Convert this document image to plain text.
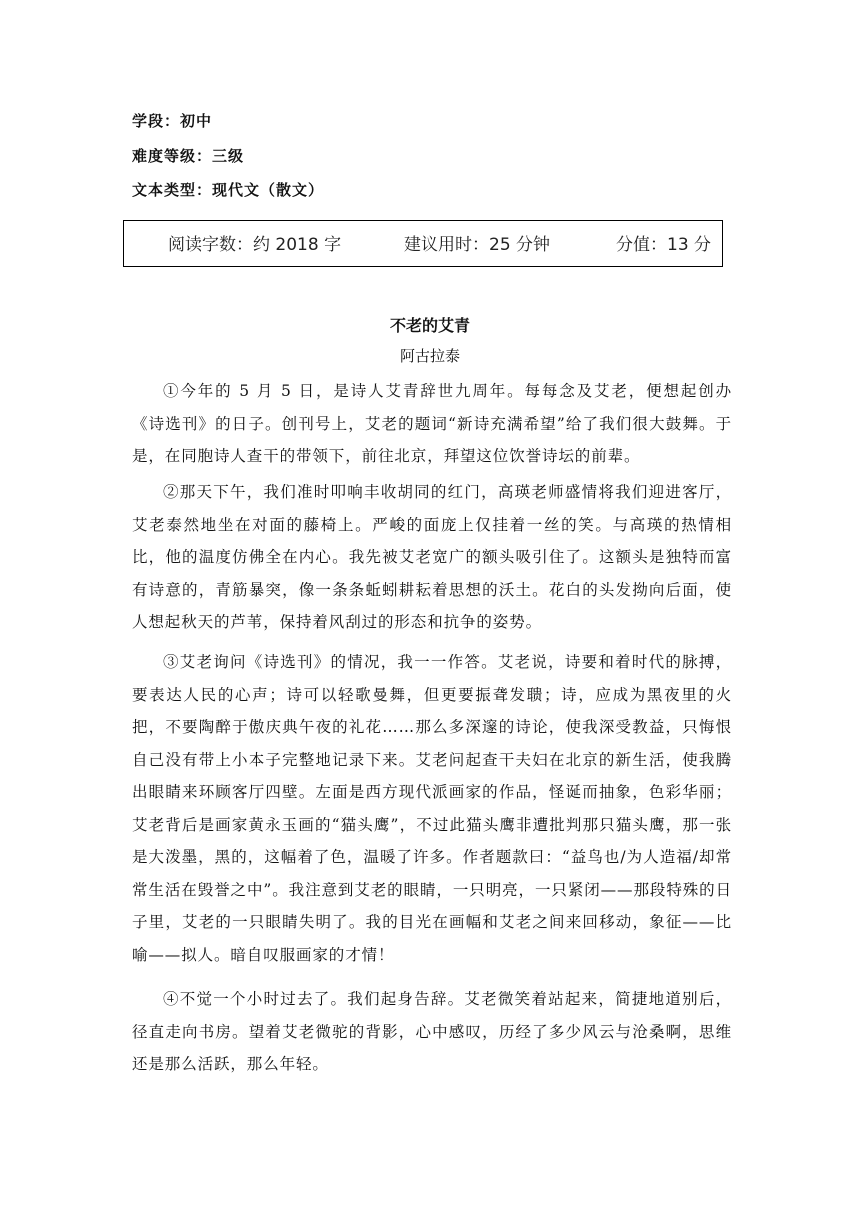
学段：初中
难度等级：三级
文本类型：现代文（散文）
阅读字数：约 2018 字	建议用时：25 分钟	分值：13 分
不老的艾青
阿古拉泰

①今年的 5 月 5 日，是诗人艾青辞世九周年。每每念及艾老，便想起创办《诗选刊》的日子。创刊号上，艾老的题词“新诗充满希望”给了我们很大鼓舞。于是，在同胞诗人查干的带领下，前往北京，拜望这位饮誉诗坛的前辈。

②那天下午，我们准时叩响丰收胡同的红门，高瑛老师盛情将我们迎进客厅，艾老泰然地坐在对面的藤椅上。严峻的面庞上仅挂着一丝的笑。与高瑛的热情相比，他的温度仿佛全在内心。我先被艾老宽广的额头吸引住了。这额头是独特而富有诗意的，青筋暴突，像一条条蚯蚓耕耘着思想的沃土。花白的头发拗向后面，使人想起秋天的芦苇，保持着风刮过的形态和抗争的姿势。

③艾老询问《诗选刊》的情况，我一一作答。艾老说，诗要和着时代的脉搏，要表达人民的心声；诗可以轻歌曼舞，但更要振聋发聩；诗，应成为黑夜里的火把，不要陶醉于傲庆典午夜的礼花……那么多深邃的诗论，使我深受教益，只悔恨自己没有带上小本子完整地记录下来。艾老问起查干夫妇在北京的新生活，使我腾出眼睛来环顾客厅四壁。左面是西方现代派画家的作品，怪诞而抽象，色彩华丽；艾老背后是画家黄永玉画的“猫头鹰”，不过此猫头鹰非遭批判那只猫头鹰，那一张是大泼墨，黑的，这幅着了色，温暖了许多。作者题款曰：“益鸟也/为人造福/却常常生活在毁誉之中”。我注意到艾老的眼睛，一只明亮，一只紧闭——那段特殊的日子里，艾老的一只眼睛失明了。我的目光在画幅和艾老之间来回移动，象征——比喻——拟人。暗自叹服画家的才情！

④不觉一个小时过去了。我们起身告辞。艾老微笑着站起来，简捷地道别后，径直走向书房。望着艾老微驼的背影，心中感叹，历经了多少风云与沧桑啊，思维还是那么活跃，那么年轻。
